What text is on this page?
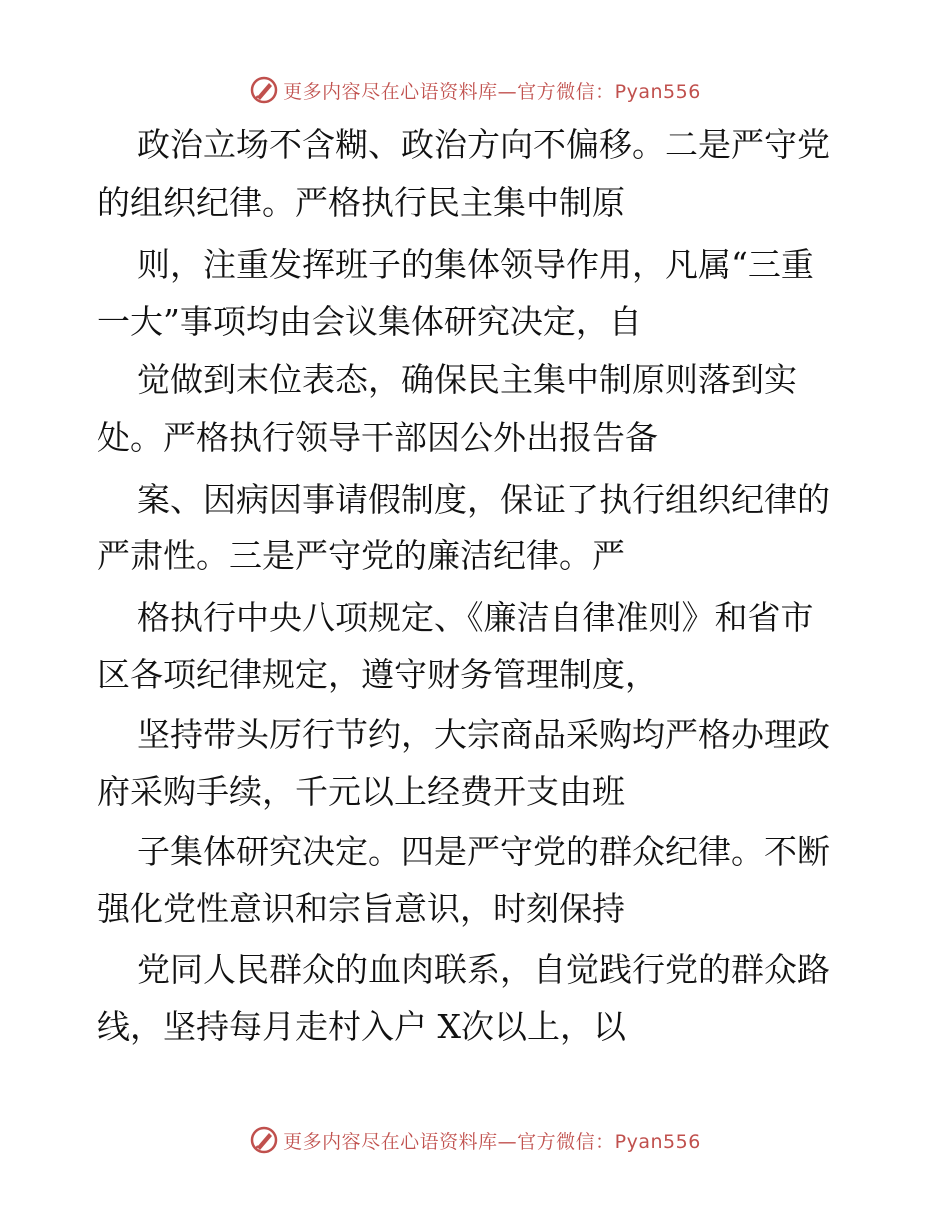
更多内容尽在心语资料库—官方微信：Pyan556
政治立场不含糊、政治方向不偏移。二是严守党
的组织纪律。严格执行民主集中制原
则，注重发挥班子的集体领导作用，凡属“三重
一大”事项均由会议集体研究决定，自
觉做到末位表态，确保民主集中制原则落到实
处。严格执行领导干部因公外出报告备
案、因病因事请假制度，保证了执行组织纪律的
严肃性。三是严守党的廉洁纪律。严
格执行中央八项规定、《廉洁自律准则》和省市
区各项纪律规定，遵守财务管理制度，
坚持带头厉行节约，大宗商品采购均严格办理政
府采购手续，千元以上经费开支由班
子集体研究决定。四是严守党的群众纪律。不断
强化党性意识和宗旨意识，时刻保持
党同人民群众的血肉联系，自觉践行党的群众路
线，坚持每月走村入户 X次以上，以
更多内容尽在心语资料库—官方微信：Pyan556
